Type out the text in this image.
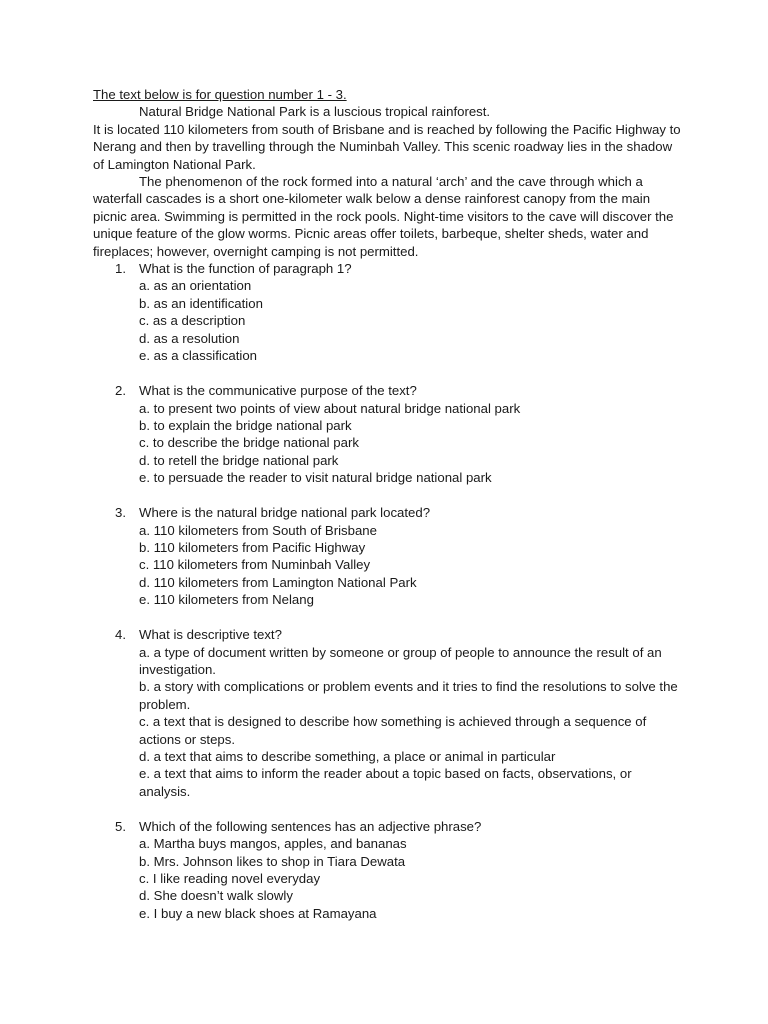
The text below is for question number 1 - 3.

Natural Bridge National Park is a luscious tropical rainforest.

It is located 110 kilometers from south of Brisbane and is reached by following the Pacific Highway to Nerang and then by travelling through the Numinbah Valley. This scenic roadway lies in the shadow of Lamington National Park.

The phenomenon of the rock formed into a natural ‘arch’ and the cave through which a waterfall cascades is a short one-kilometer walk below a dense rainforest canopy from the main picnic area. Swimming is permitted in the rock pools. Night-time visitors to the cave will discover the unique feature of the glow worms. Picnic areas offer toilets, barbeque, shelter sheds, water and fireplaces; however, overnight camping is not permitted.

1. What is the function of paragraph 1?
a. as an orientation
b. as an identification
c. as a description
d. as a resolution
e. as a classification
2. What is the communicative purpose of the text?
a. to present two points of view about natural bridge national park
b. to explain the bridge national park
c. to describe the bridge national park
d. to retell the bridge national park
e. to persuade the reader to visit natural bridge national park
3. Where is the natural bridge national park located?
a. 110 kilometers from South of Brisbane
b. 110 kilometers from Pacific Highway
c. 110 kilometers from Numinbah Valley
d. 110 kilometers from Lamington National Park
e. 110 kilometers from Nelang
4. What is descriptive text?
a. a type of document written by someone or group of people to announce the result of an investigation.
b. a story with complications or problem events and it tries to find the resolutions to solve the problem.
c. a text that is designed to describe how something is achieved through a sequence of actions or steps.
d. a text that aims to describe something, a place or animal in particular
e. a text that aims to inform the reader about a topic based on facts, observations, or analysis.
5. Which of the following sentences has an adjective phrase?
a. Martha buys mangos, apples, and bananas
b. Mrs. Johnson likes to shop in Tiara Dewata
c. I like reading novel everyday
d. She doesn’t walk slowly
e. I buy a new black shoes at Ramayana
